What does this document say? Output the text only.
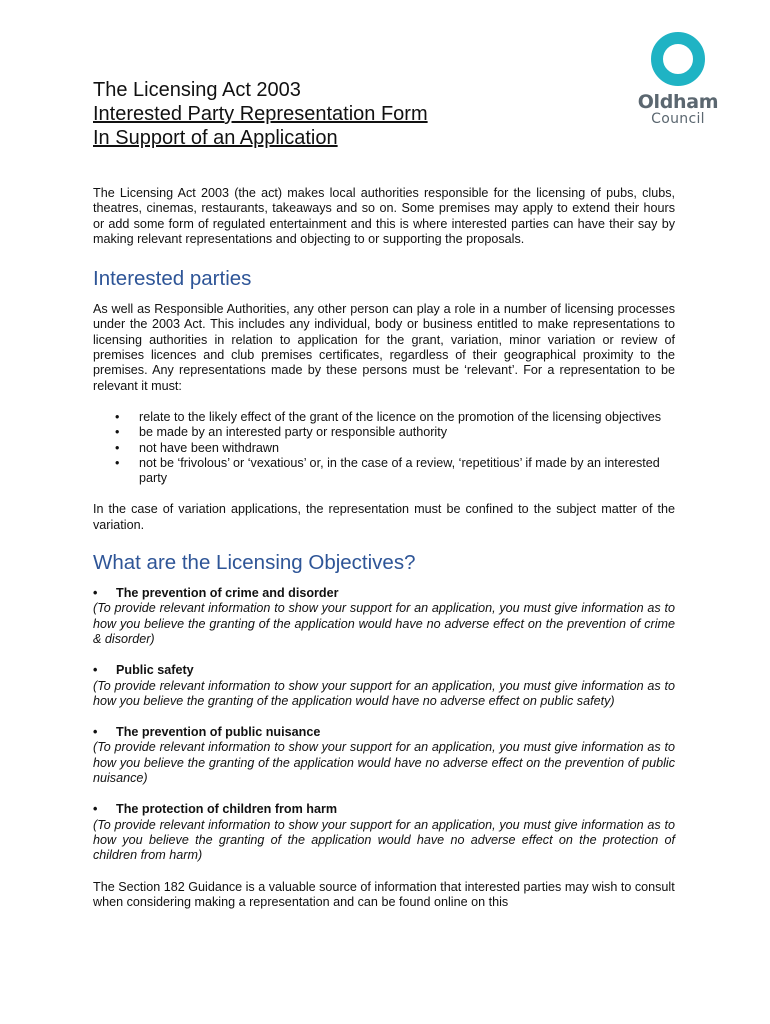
Oldham
Council
The Licensing Act 2003
Interested Party Representation Form
In Support of an Application

The Licensing Act 2003 (the act) makes local authorities responsible for the licensing of pubs, clubs, theatres, cinemas, restaurants, takeaways and so on. Some premises may apply to extend their hours or add some form of regulated entertainment and this is where interested parties can have their say by making relevant representations and objecting to or supporting the proposals.

Interested parties

As well as Responsible Authorities, any other person can play a role in a number of licensing processes under the 2003 Act. This includes any individual, body or business entitled to make representations to licensing authorities in relation to application for the grant, variation, minor variation or review of premises licences and club premises certificates, regardless of their geographical proximity to the premises. Any representations made by these persons must be ‘relevant’. For a representation to be relevant it must:

• relate to the likely effect of the grant of the licence on the promotion of the licensing objectives
• be made by an interested party or responsible authority
• not have been withdrawn
• not be ‘frivolous’ or ‘vexatious’ or, in the case of a review, ‘repetitious’ if made by an interested party

In the case of variation applications, the representation must be confined to the subject matter of the variation.

What are the Licensing Objectives?
• The prevention of crime and disorder
(To provide relevant information to show your support for an application, you must give information as to how you believe the granting of the application would have no adverse effect on the prevention of crime & disorder)
• Public safety
(To provide relevant information to show your support for an application, you must give information as to how you believe the granting of the application would have no adverse effect on public safety)
• The prevention of public nuisance
(To provide relevant information to show your support for an application, you must give information as to how you believe the granting of the application would have no adverse effect on the prevention of public nuisance)
• The protection of children from harm
(To provide relevant information to show your support for an application, you must give information as to how you believe the granting of the application would have no adverse effect on the protection of children from harm)

The Section 182 Guidance is a valuable source of information that interested parties may wish to consult when considering making a representation and can be found online on this
